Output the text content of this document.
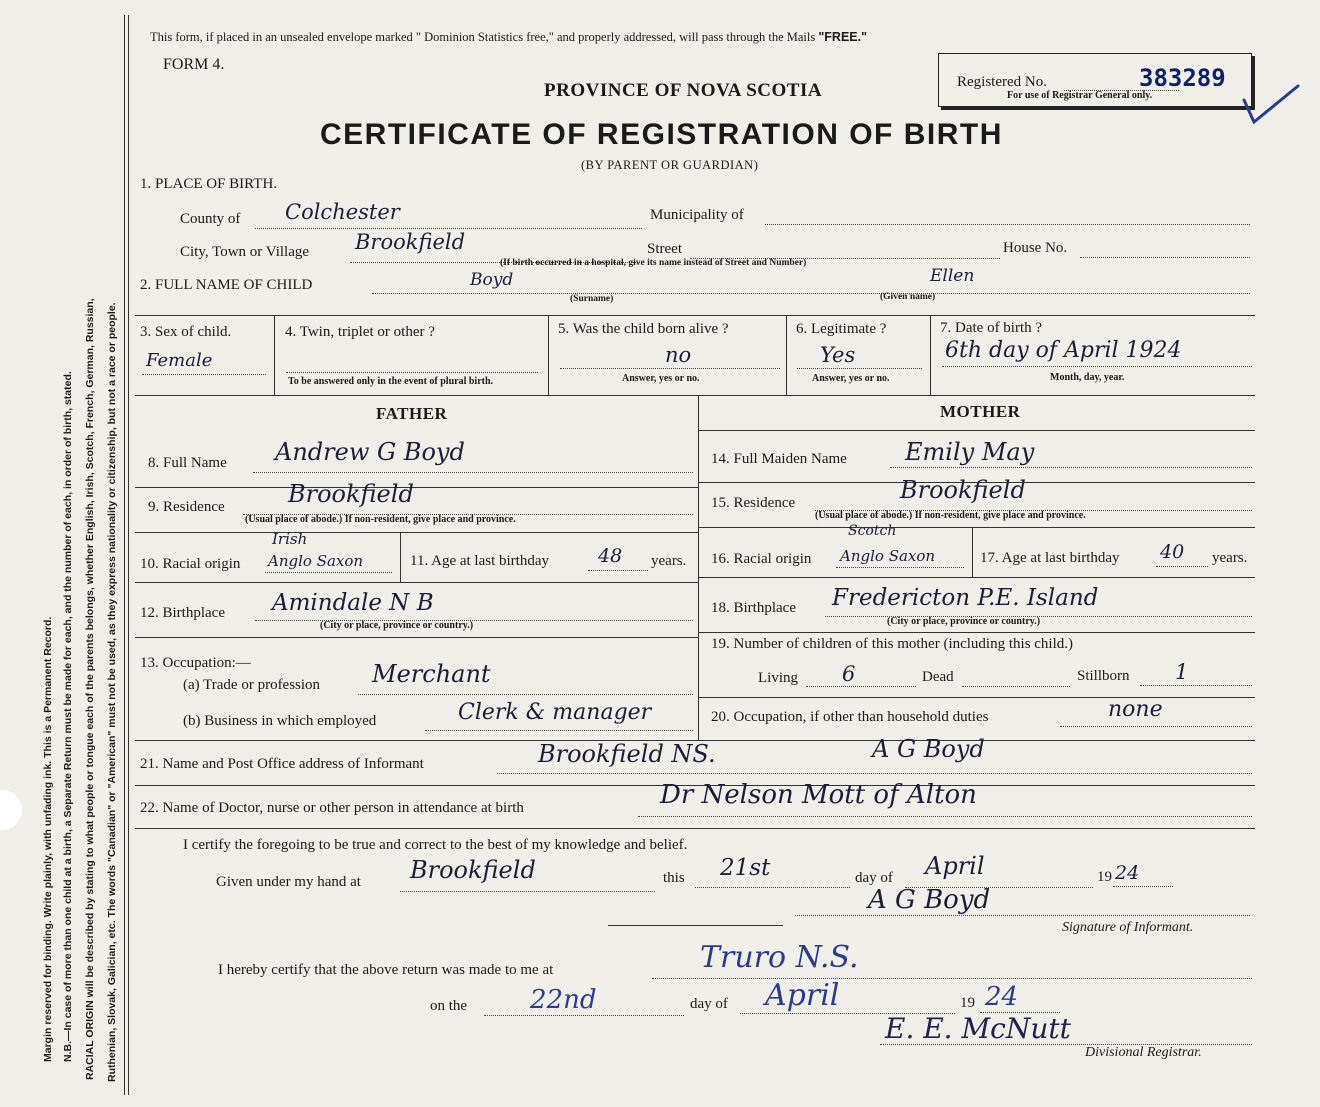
Margin reserved for binding. Write plainly, with unfading ink. This is a Permanent Record. N.B.—In case of more than one child at a birth, a Separate Return must be made for each, and the number of each, in order of birth, stated. RACIAL ORIGIN will be described by stating to what people or tongue each of the parents belongs, whether English, Irish, Scotch, French, German, Russian, Ruthenian, Slovak, Galician, etc. The words "Canadian" or "American" must not be used, as they express nationality or citizenship, but not a race or people.
This form, if placed in an unsealed envelope marked " Dominion Statistics free," and properly addressed, will pass through the Mails "FREE."
FORM 4.
Registered No.	383289
For use of Registrar General only.
PROVINCE OF NOVA SCOTIA
CERTIFICATE OF REGISTRATION OF BIRTH
(BY PARENT OR GUARDIAN)
1. PLACE OF BIRTH.
County of Colchester	Municipality of
City, Town or Village Brookfield	Street	House No.
(If birth occurred in a hospital, give its name instead of Street and Number)
2. FULL NAME OF CHILD	Boyd	Ellen
(Surname)	(Given name)
3. Sex of child.
Female
4. Twin, triplet or other ?
To be answered only in the event of plural birth.
5. Was the child born alive ?
no
Answer, yes or no.
6. Legitimate ?
Yes
Answer, yes or no.
7. Date of birth ?
6th day of April 1924
Month, day, year.
FATHER	MOTHER
8. Full Name Andrew G Boyd
9. Residence	Brookfield
(Usual place of abode.) If non-resident, give place and province.
10. Racial origin
Irish
Anglo Saxon	11. Age at last birthday	48 years.
12. Birthplace Amindale N B
(City or place, province or country.)
13. Occupation:—
(a) Trade or profession Merchant
(b) Business in which employed	Clerk & manager
14. Full Maiden Name Emily May
15. Residence	Brookfield
(Usual place of abode.) If non-resident, give place and province.
16. Racial origin
Scotch
Anglo Saxon	17. Age at last birthday 40 years.
18. Birthplace Fredericton P.E. Island
(City or place, province or country.)
19. Number of children of this mother (including this child.)
Living 6	Dead	Stillborn 1
20. Occupation, if other than household duties	none
21. Name and Post Office address of Informant	Brookfield NS.	A G Boyd
22. Name of Doctor, nurse or other person in attendance at birth	Dr Nelson Mott of Alton
I certify the foregoing to be true and correct to the best of my knowledge and belief.
Given under my hand at Brookfield	this 21st	day of April	19 24
A G Boyd
Signature of Informant.
I hereby certify that the above return was made to me at	Truro N.S.
on the 22nd	day of April	19 24
E. E. McNutt
Divisional Registrar.
